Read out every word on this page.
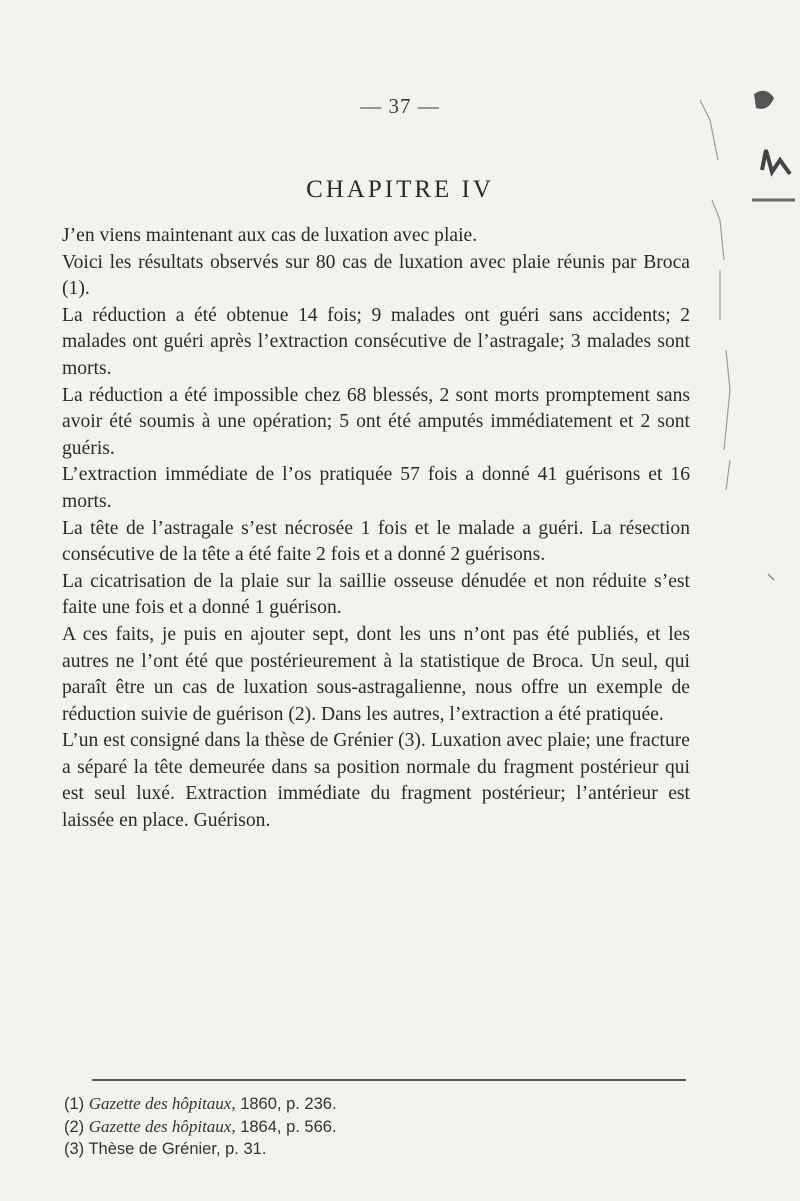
— 37 —
CHAPITRE IV

J’en viens maintenant aux cas de luxation avec plaie.

Voici les résultats observés sur 80 cas de luxation avec plaie réunis par Broca (1).

La réduction a été obtenue 14 fois; 9 malades ont guéri sans accidents; 2 malades ont guéri après l’extraction consécutive de l’astragale; 3 malades sont morts.

La réduction a été impossible chez 68 blessés, 2 sont morts promptement sans avoir été soumis à une opération; 5 ont été amputés immédiatement et 2 sont guéris.

L’extraction immédiate de l’os pratiquée 57 fois a donné 41 guérisons et 16 morts.

La tête de l’astragale s’est nécrosée 1 fois et le malade a guéri. La résection consécutive de la tête a été faite 2 fois et a donné 2 guérisons.

La cicatrisation de la plaie sur la saillie osseuse dénudée et non réduite s’est faite une fois et a donné 1 guérison.

A ces faits, je puis en ajouter sept, dont les uns n’ont pas été publiés, et les autres ne l’ont été que postérieurement à la statistique de Broca. Un seul, qui paraît être un cas de luxation sous-astragalienne, nous offre un exemple de réduction suivie de guérison (2). Dans les autres, l’extraction a été pratiquée.

L’un est consigné dans la thèse de Grénier (3). Luxation avec plaie; une fracture a séparé la tête demeurée dans sa position normale du fragment postérieur qui est seul luxé. Extraction immédiate du fragment postérieur; l’antérieur est laissée en place. Guérison.

(1) Gazette des hôpitaux, 1860, p. 236.
(2) Gazette des hôpitaux, 1864, p. 566.
(3) Thèse de Grénier, p. 31.
